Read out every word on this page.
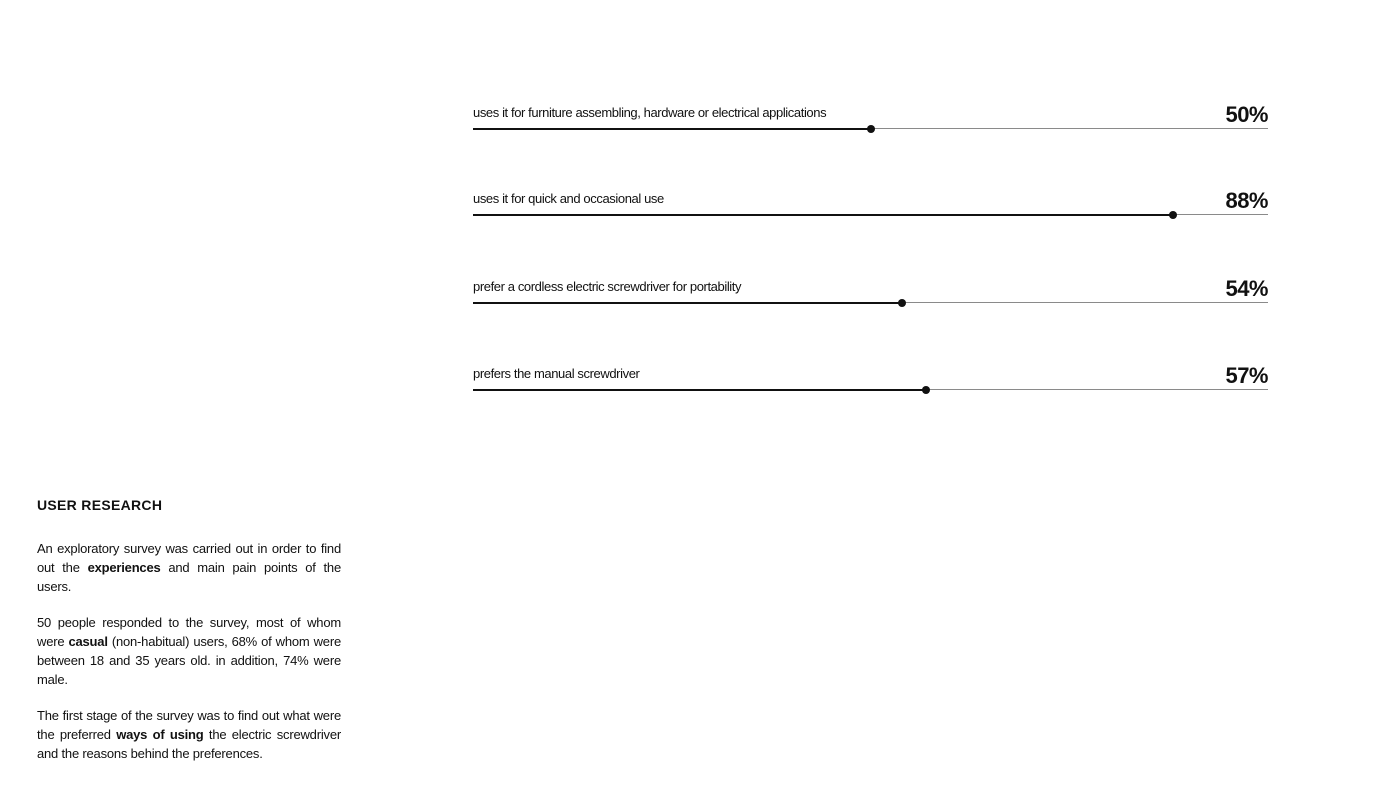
uses it for furniture assembling, hardware or electrical applications	50%
uses it for quick and occasional use	88%
prefer a cordless electric screwdriver for portability	54%
prefers the manual screwdriver	57%
USER RESEARCH

An exploratory survey was carried out in order to find out the experiences and main pain points of the users.

50 people responded to the survey, most of whom were casual (non-habitual) users, 68% of whom were between 18 and 35 years old. in addition, 74% were male.

The first stage of the survey was to find out what were the preferred ways of using the electric screwdriver and the reasons behind the preferences.
